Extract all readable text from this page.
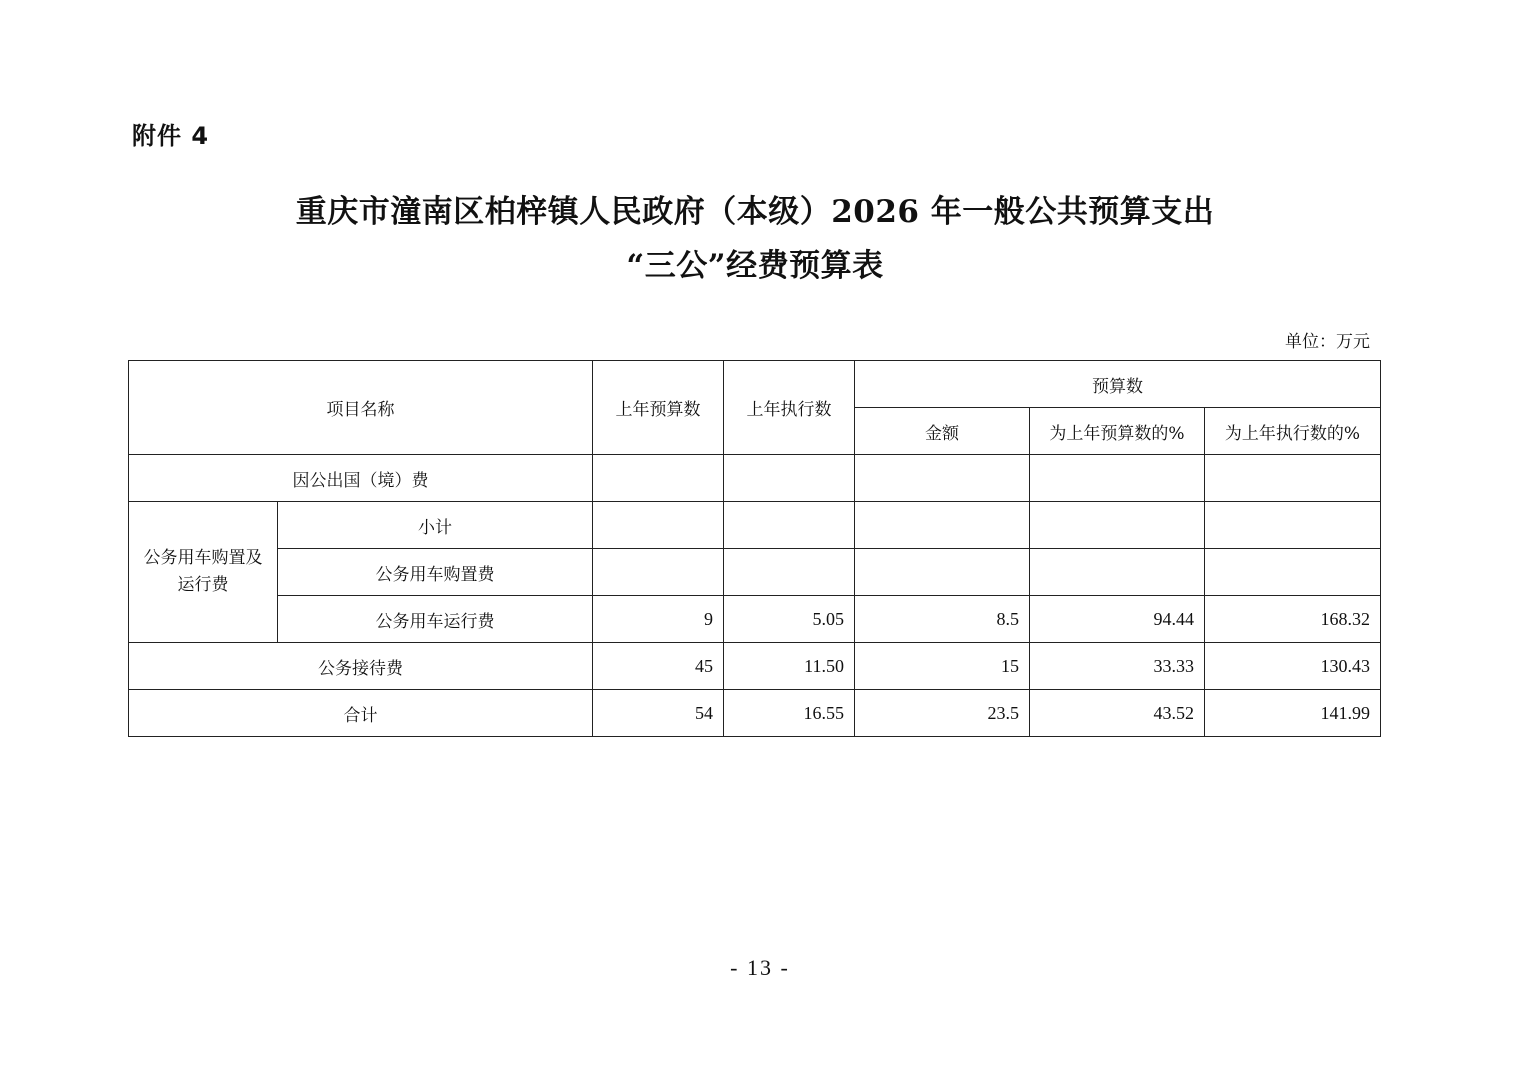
附件 4
重庆市潼南区柏梓镇人民政府（本级）2026 年一般公共预算支出
“三公”经费预算表
单位：万元
项目名称		上年预算数	上年执行数	预算数		
				金额	为上年预算数的%	为上年执行数的%
因公出国（境）费						
公务用车购置及运行费	小计					
	公务用车购置费					
	公务用车运行费	9	5.05	8.5	94.44	168.32
公务接待费		45	11.50	15	33.33	130.43
合计		54	16.55	23.5	43.52	141.99
- 13 -
